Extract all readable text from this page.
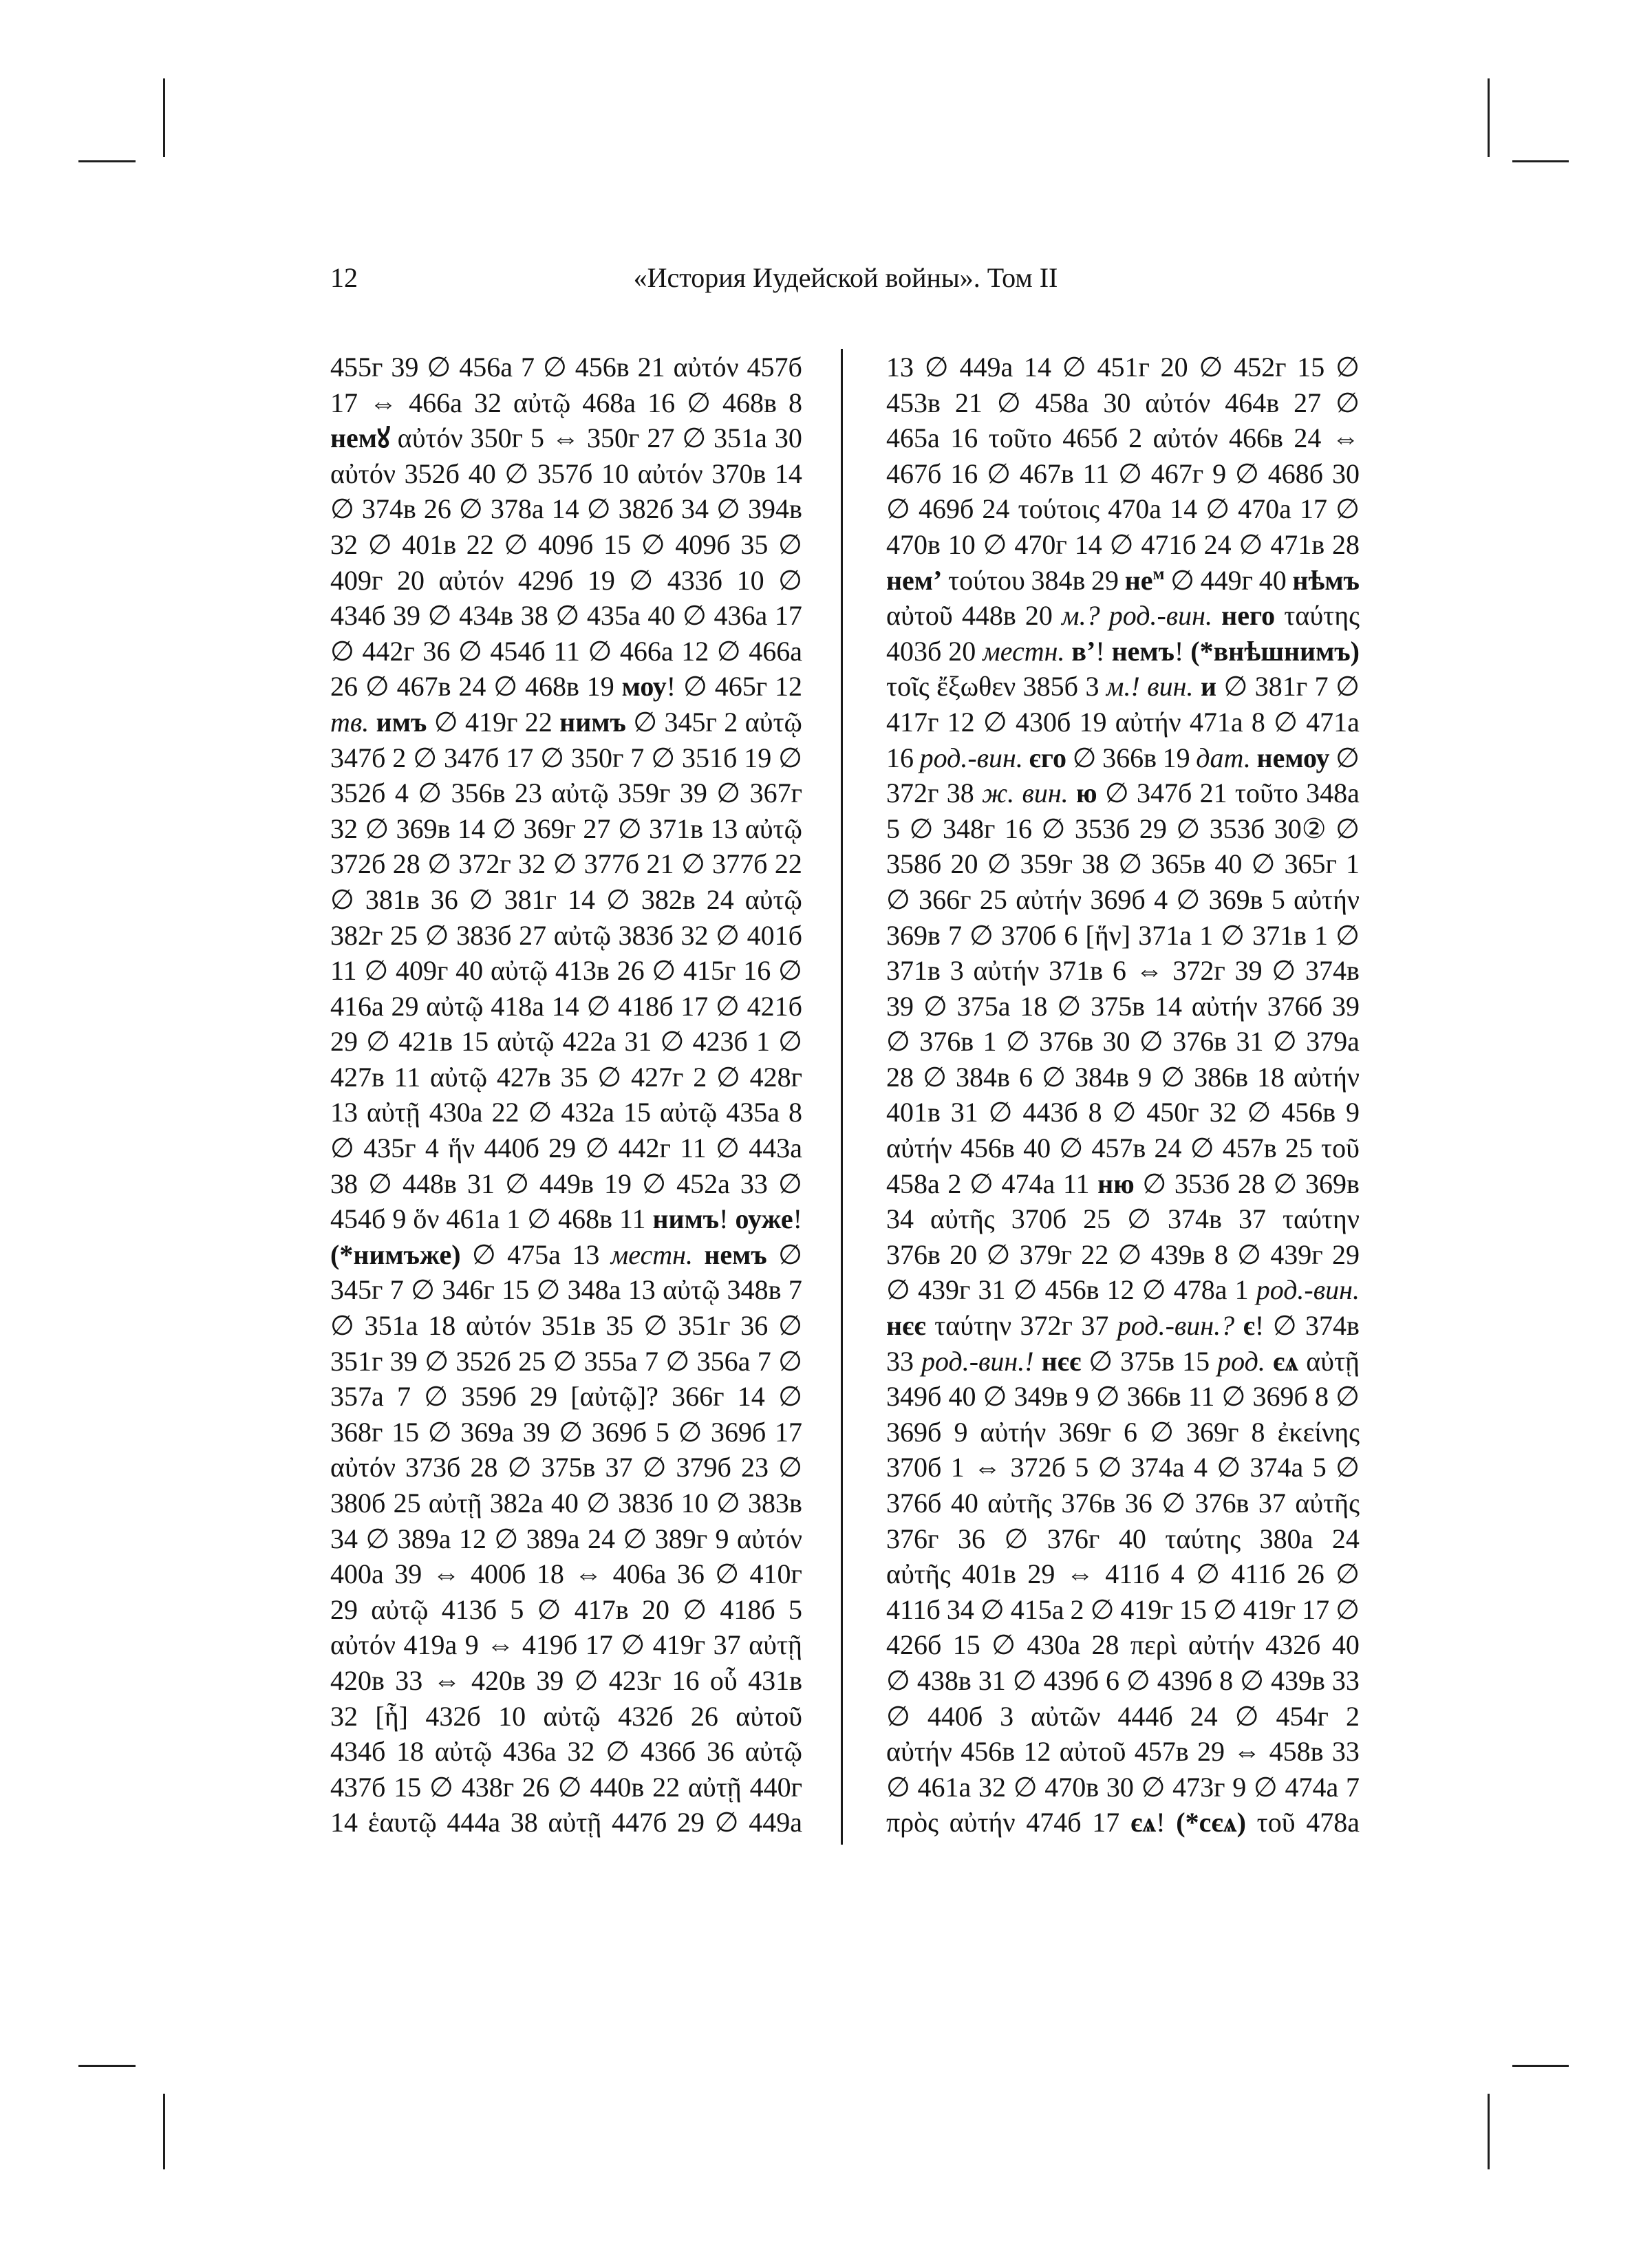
12	«История Иудейской войны». Том II
455г 39 ∅ 456а 7 ∅ 456в 21 αὐτόν 457б
17 ⇔ 466а 32 αὐτῷ 468а 16 ∅ 468в 8
немꙋ αὐτόν 350г 5 ⇔ 350г 27 ∅ 351а 30
αὐτόν 352б 40 ∅ 357б 10 αὐτόν 370в 14
∅ 374в 26 ∅ 378а 14 ∅ 382б 34 ∅ 394в
32 ∅ 401в 22 ∅ 409б 15 ∅ 409б 35 ∅
409г 20 αὐτόν 429б 19 ∅ 433б 10 ∅
434б 39 ∅ 434в 38 ∅ 435а 40 ∅ 436а 17
∅ 442г 36 ∅ 454б 11 ∅ 466а 12 ∅ 466а
26 ∅ 467в 24 ∅ 468в 19 моу! ∅ 465г 12
тв. имъ ∅ 419г 22 нимъ ∅ 345г 2 αὐτῷ
347б 2 ∅ 347б 17 ∅ 350г 7 ∅ 351б 19 ∅
352б 4 ∅ 356в 23 αὐτῷ 359г 39 ∅ 367г
32 ∅ 369в 14 ∅ 369г 27 ∅ 371в 13 αὐτῷ
372б 28 ∅ 372г 32 ∅ 377б 21 ∅ 377б 22
∅ 381в 36 ∅ 381г 14 ∅ 382в 24 αὐτῷ
382г 25 ∅ 383б 27 αὐτῷ 383б 32 ∅ 401б
11 ∅ 409г 40 αὐτῷ 413в 26 ∅ 415г 16 ∅
416а 29 αὐτῷ 418а 14 ∅ 418б 17 ∅ 421б
29 ∅ 421в 15 αὐτῷ 422а 31 ∅ 423б 1 ∅
427в 11 αὐτῷ 427в 35 ∅ 427г 2 ∅ 428г
13 αὐτῇ 430а 22 ∅ 432а 15 αὐτῷ 435а 8
∅ 435г 4 ἥν 440б 29 ∅ 442г 11 ∅ 443а
38 ∅ 448в 31 ∅ 449в 19 ∅ 452а 33 ∅
454б 9 ὅν 461а 1 ∅ 468в 11 нимъ! оуже!
(*нимъже) ∅ 475а 13 местн. немъ ∅
345г 7 ∅ 346г 15 ∅ 348а 13 αὐτῷ 348в 7
∅ 351а 18 αὐτόν 351в 35 ∅ 351г 36 ∅
351г 39 ∅ 352б 25 ∅ 355а 7 ∅ 356а 7 ∅
357а 7 ∅ 359б 29 [αὐτῷ]? 366г 14 ∅
368г 15 ∅ 369а 39 ∅ 369б 5 ∅ 369б 17
αὐτόν 373б 28 ∅ 375в 37 ∅ 379б 23 ∅
380б 25 αὐτῇ 382а 40 ∅ 383б 10 ∅ 383в
34 ∅ 389а 12 ∅ 389а 24 ∅ 389г 9 αὐτόν
400а 39 ⇔ 400б 18 ⇔ 406а 36 ∅ 410г
29 αὐτῷ 413б 5 ∅ 417в 20 ∅ 418б 5
αὐτόν 419а 9 ⇔ 419б 17 ∅ 419г 37 αὐτῇ
420в 33 ⇔ 420в 39 ∅ 423г 16 οὗ 431в
32 [ἧ] 432б 10 αὐτῷ 432б 26 αὐτοῦ
434б 18 αὐτῷ 436а 32 ∅ 436б 36 αὐτῷ
437б 15 ∅ 438г 26 ∅ 440в 22 αὐτῇ 440г
14 ἑαυτῷ 444а 38 αὐτῇ 447б 29 ∅ 449а
13 ∅ 449а 14 ∅ 451г 20 ∅ 452г 15 ∅
453в 21 ∅ 458а 30 αὐτόν 464в 27 ∅
465а 16 τοῦτο 465б 2 αὐτόν 466в 24 ⇔
467б 16 ∅ 467в 11 ∅ 467г 9 ∅ 468б 30
∅ 469б 24 τούτοις 470а 14 ∅ 470а 17 ∅
470в 10 ∅ 470г 14 ∅ 471б 24 ∅ 471в 28
немʼ τούτου 384в 29 $не^м$ ∅ 449г 40 нѣмъ
αὐτοῦ 448в 20 м.? род.-вин. него ταύτης
403б 20 местн. вʼ! немъ! (*внѣшнимъ)
τοῖς ἔξωθεν 385б 3 м.! вин. и ∅ 381г 7 ∅
417г 12 ∅ 430б 19 αὐτήν 471а 8 ∅ 471а
16 род.-вин. єго ∅ 366в 19 дат. немоу ∅
372г 38 ж. вин. ю ∅ 347б 21 τοῦτο 348а
5 ∅ 348г 16 ∅ 353б 29 ∅ 353б 30② ∅
358б 20 ∅ 359г 38 ∅ 365в 40 ∅ 365г 1
∅ 366г 25 αὐτήν 369б 4 ∅ 369в 5 αὐτήν
369в 7 ∅ 370б 6 [ἥν] 371а 1 ∅ 371в 1 ∅
371в 3 αὐτήν 371в 6 ⇔ 372г 39 ∅ 374в
39 ∅ 375а 18 ∅ 375в 14 αὐτήν 376б 39
∅ 376в 1 ∅ 376в 30 ∅ 376в 31 ∅ 379а
28 ∅ 384в 6 ∅ 384в 9 ∅ 386в 18 αὐτήν
401в 31 ∅ 443б 8 ∅ 450г 32 ∅ 456в 9
αὐτήν 456в 40 ∅ 457в 24 ∅ 457в 25 τοῦ
458а 2 ∅ 474а 11 ню ∅ 353б 28 ∅ 369в
34 αὐτῆς 370б 25 ∅ 374в 37 ταύτην
376в 20 ∅ 379г 22 ∅ 439в 8 ∅ 439г 29
∅ 439г 31 ∅ 456в 12 ∅ 478а 1 род.-вин.
нєє ταύτην 372г 37 род.-вин.? є! ∅ 374в
33 род.-вин.! нєє ∅ 375в 15 род. єѧ αὐτῇ
349б 40 ∅ 349в 9 ∅ 366в 11 ∅ 369б 8 ∅
369б 9 αὐτήν 369г 6 ∅ 369г 8 ἐκείνης
370б 1 ⇔ 372б 5 ∅ 374а 4 ∅ 374а 5 ∅
376б 40 αὐτῆς 376в 36 ∅ 376в 37 αὐτῆς
376г 36 ∅ 376г 40 ταύτης 380а 24
αὐτῆς 401в 29 ⇔ 411б 4 ∅ 411б 26 ∅
411б 34 ∅ 415а 2 ∅ 419г 15 ∅ 419г 17 ∅
426б 15 ∅ 430а 28 περὶ αὐτήν 432б 40
∅ 438в 31 ∅ 439б 6 ∅ 439б 8 ∅ 439в 33
∅ 440б 3 αὐτῶν 444б 24 ∅ 454г 2
αὐτήν 456в 12 αὐτοῦ 457в 29 ⇔ 458в 33
∅ 461а 32 ∅ 470в 30 ∅ 473г 9 ∅ 474а 7
πρὸς αὐτήν 474б 17 єѧ! (*сєѧ) τοῦ 478а
